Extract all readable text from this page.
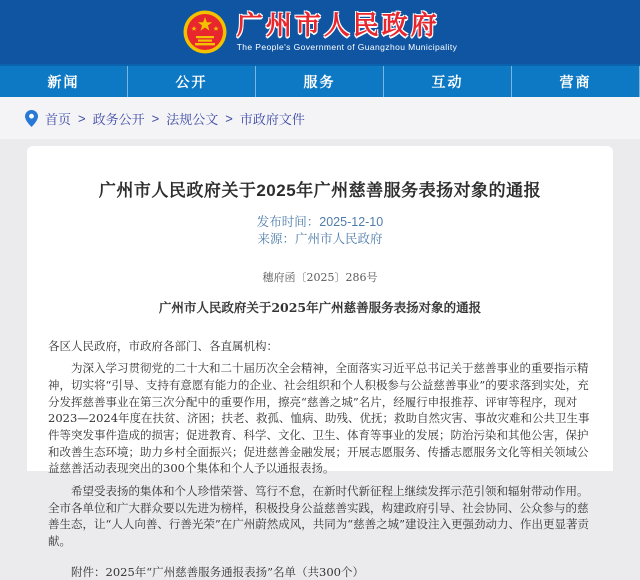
广州市人民政府
The People's Government of Guangzhou Municipality
新闻	公开	服务	互动	营商
首页 > 政务公开 > 法规公文 > 市政府文件
广州市人民政府关于2025年广州慈善服务表扬对象的通报
发布时间：2025-12-10
来源：广州市人民政府
穗府函〔2025〕286号
广州市人民政府关于2025年广州慈善服务表扬对象的通报

各区人民政府，市政府各部门、各直属机构：

为深入学习贯彻党的二十大和二十届历次全会精神，全面落实习近平总书记关于慈善事业的重要指示精神，切实将“引导、支持有意愿有能力的企业、社会组织和个人积极参与公益慈善事业”的要求落到实处，充分发挥慈善事业在第三次分配中的重要作用，擦亮“慈善之城”名片，经履行申报推荐、评审等程序，现对2023—2024年度在扶贫、济困；扶老、救孤、恤病、助残、优抚；救助自然灾害、事故灾难和公共卫生事件等突发事件造成的损害；促进教育、科学、文化、卫生、体育等事业的发展；防治污染和其他公害，保护和改善生态环境；助力乡村全面振兴；促进慈善金融发展；开展志愿服务、传播志愿服务文化等相关领域公益慈善活动表现突出的300个集体和个人予以通报表扬。

希望受表扬的集体和个人珍惜荣誉、笃行不怠，在新时代新征程上继续发挥示范引领和辐射带动作用。全市各单位和广大群众要以先进为榜样，积极投身公益慈善实践，构建政府引导、社会协同、公众参与的慈善生态，让“人人向善、行善光荣”在广州蔚然成风，共同为“慈善之城”建设注入更强劲动力、作出更显著贡献。

附件：2025年“广州慈善服务通报表扬”名单（共300个）
